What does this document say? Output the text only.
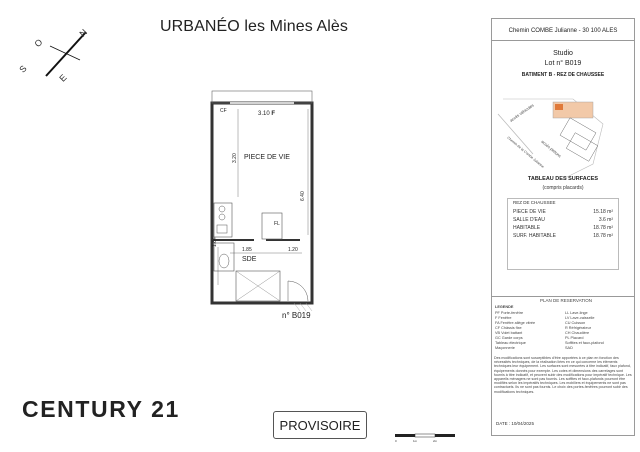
URBANÉO les Mines Alès
N
O
S
E
3.10 F
CF
PIECE DE VIE
3.20
6.40
FL
1.85	1.20
1.64
SDE
n° B019
CENTURY 21
PROVISOIRE
0	1m	2m
Chemin COMBE Julianne - 30 100 ALES
Studio
Lot n° B019
BATIMENT B - REZ DE CHAUSSEE
accès véhicules
accès piétons
Chemin de la Combe Julianne
TABLEAU DES SURFACES
(compris placards)
REZ DE CHAUSSEE
PIECE DE VIE	15.18 m²
SALLE D'EAU	3.6 m²
HABITABLE	18.78 m²
SURF. HABITABLE	18.78 m²
PLAN DE RESERVATION
LEGENDE
PF Porte-fenêtre
F Fenêtre
FA Fenêtre allège vitrée
CF Châssis fixe
VB Volet battant
GC Garde corps
Tableau électrique
Maçonnerie
LL Lave-linge
LV Lave-vaisselle
CU Cuisson
R Réfrigérateur
CH Chaudière
PL Placard
Soffites et faux-plafond
SAD

Des modifications sont susceptibles d'être apportées à ce plan en fonction des nécessités techniques, de la réalisation liées en ce qui concerne les éléments techniques leur équipement. Les surfaces sont mesurées à titre indicatif, faux plafond, équipements donnés pour exemple. Les cotes et dimensions des carrelages sont fournis à titre indicatif, et peuvent subir des modifications pour impératif technique. Les appareils ménagers ne sont pas fournis. Les soffites et faux-plafonds pourront être modifiés selon les impératifs techniques. Les mobiliers et équipements ne sont pas contractuels. Ils ne sont pas fournis. Le choix des portes-fenêtres pourront subir des modifications techniques.

DATE : 10/04/2025
